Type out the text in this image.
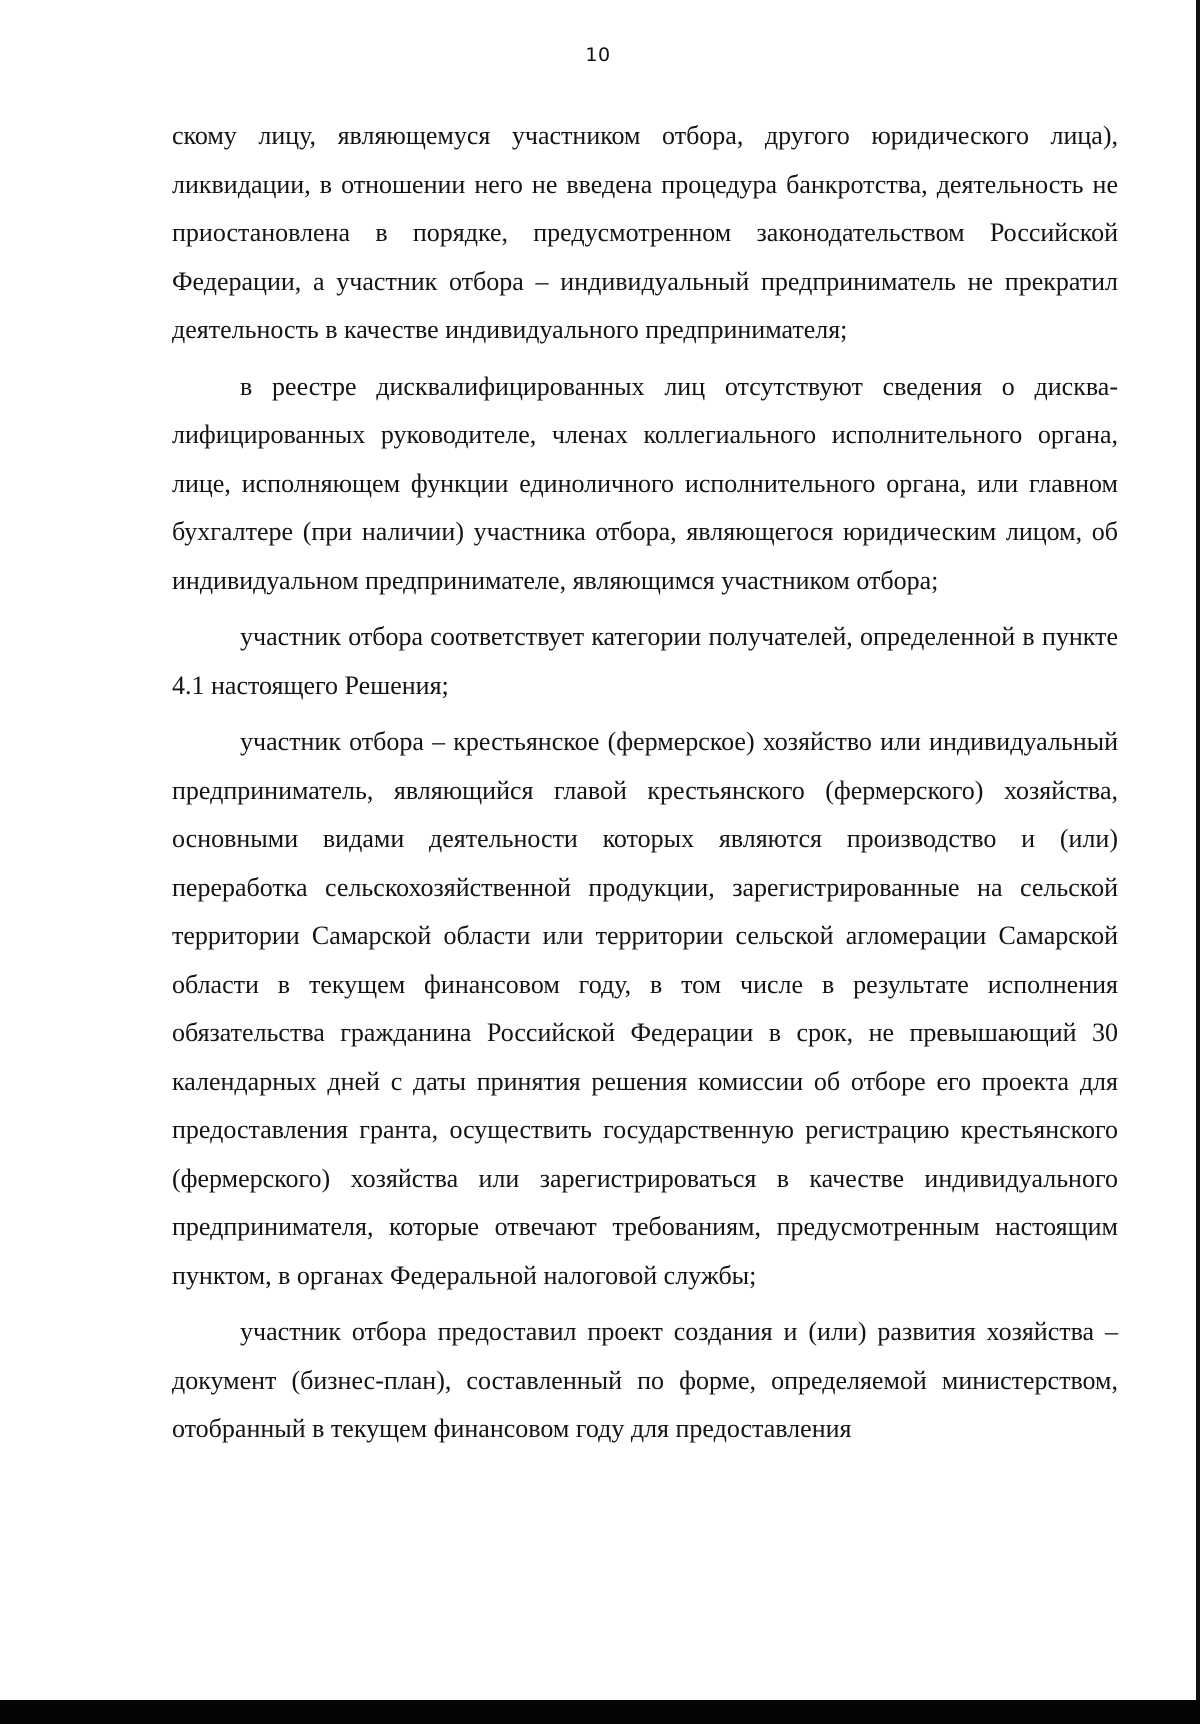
10

скому лицу, являющемуся участником отбора, другого юридического лица), ликвидации, в отношении него не введена процедура банкротства, деятельность не приостановлена в порядке, предусмотренном законодательством Российской Федерации, а участник отбора – индивидуальный предприниматель не прекратил деятельность в качестве индивидуального предпринимателя;

в реестре дисквалифицированных лиц отсутствуют сведения о дисквалифицированных руководителе, членах коллегиального исполнительного органа, лице, исполняющем функции единоличного исполнительного органа, или главном бухгалтере (при наличии) участника отбора, являющегося юридическим лицом, об индивидуальном предпринимателе, являющимся участником отбора;

участник отбора соответствует категории получателей, определенной в пункте 4.1 настоящего Решения;

участник отбора – крестьянское (фермерское) хозяйство или индивидуальный предприниматель, являющийся главой крестьянского (фермерского) хозяйства, основными видами деятельности которых являются производство и (или) переработка сельскохозяйственной продукции, зарегистрированные на сельской территории Самарской области или территории сельской агломерации Самарской области в текущем финансовом году, в том числе в результате исполнения обязательства гражданина Российской Федерации в срок, не превышающий 30 календарных дней с даты принятия решения комиссии об отборе его проекта для предоставления гранта, осуществить государственную регистрацию крестьянского (фермерского) хозяйства или зарегистрироваться в качестве индивидуального предпринимателя, которые отвечают требованиям, предусмотренным настоящим пунктом, в органах Федеральной налоговой службы;

участник отбора предоставил проект создания и (или) развития хозяйства – документ (бизнес-план), составленный по форме, определяемой министерством, отобранный в текущем финансовом году для предоставления
